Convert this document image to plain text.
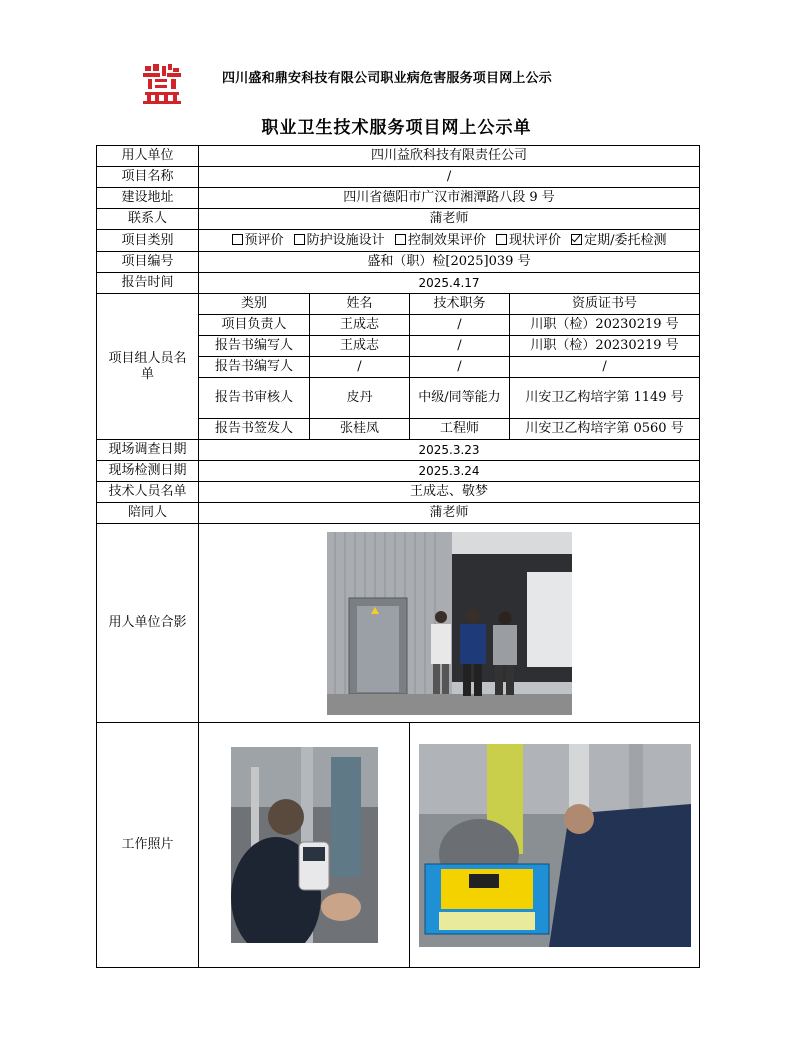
四川盛和鼎安科技有限公司职业病危害服务项目网上公示
职业卫生技术服务项目网上公示单
用人单位	四川益欣科技有限责任公司			
项目名称	/			
建设地址	四川省德阳市广汉市湘潭路八段 9 号			
联系人	蒲老师			
项目类别	预评价 防护设施设计 控制效果评价 现状评价 定期/委托检测			
项目编号	盛和（职）检[2025]039 号			
报告时间	2025.4.17			
项目组人员名单	类别	姓名	技术职务	资质证书号
	项目负责人	王成志	/	川职（检）20230219 号
	报告书编写人	王成志	/	川职（检）20230219 号
	报告书编写人	/	/	/
	报告书审核人	皮丹	中级/同等能力	川安卫乙构培字第 1149 号
	报告书签发人	张桂凤	工程师	川安卫乙构培字第 0560 号
现场调查日期	2025.3.23			
现场检测日期	2025.3.24			
技术人员名单	王成志、敬梦			
陪同人	蒲老师			
用人单位合影	

工作照片	
